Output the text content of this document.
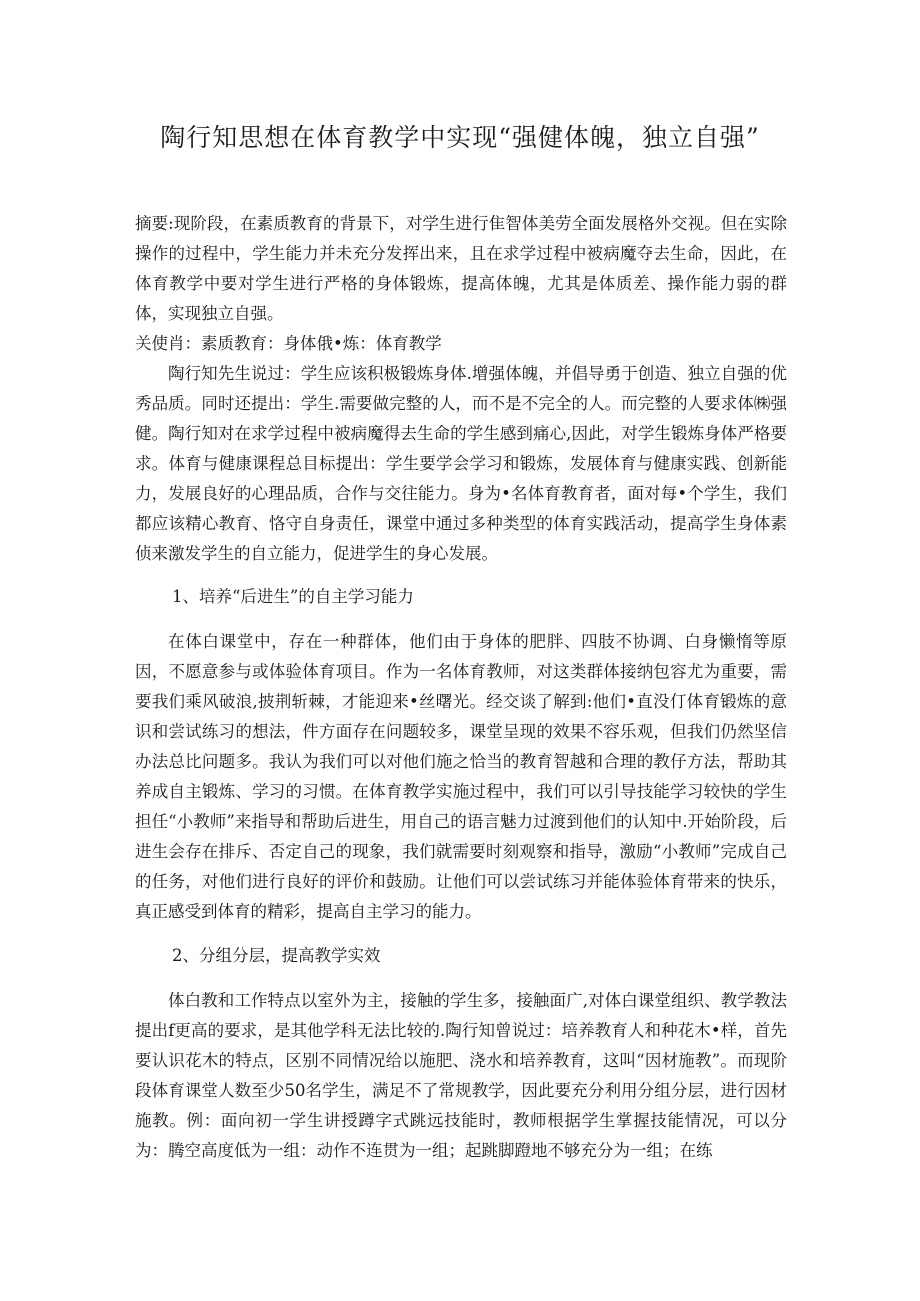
陶行知思想在体育教学中实现“强健体魄，独立自强”

摘要:现阶段，在素质教育的背景下，对学生进行隹智体美劳全面发展格外交视。但在实除操作的过程中，学生能力并未充分发挥出来，且在求学过程中被病魔夺去生命，因此，在体育教学中要对学生进行严格的身体锻炼，提高体魄，尤其是体质差、操作能力弱的群体，实现独立自强。

关使肖：素质教育：身体俄•炼：体育教学

陶行知先生说过：学生应该积极锻炼身体.增强体魄，并倡导勇于创造、独立自强的优秀品质。同时还提出：学生.需要做完整的人，而不是不完全的人。而完整的人要求体㈱强健。陶行知对在求学过程中被病魔得去生命的学生感到痛心,因此，对学生锻炼身体严格要求。体育与健康课程总目标提出：学生要学会学习和锻炼，发展体育与健康实践、创新能力，发展良好的心理品质，合作与交往能力。身为•名体育教育者，面对每•个学生，我们都应该精心教育、恪守自身责任，课堂中通过多种类型的体育实践活动，提高学生身体素侦来激发学生的自立能力，促进学生的身心发展。

1、培养“后进生”的自主学习能力

在体白课堂中，存在一种群体，他们由于身体的肥胖、四肢不协调、白身懒惰等原因，不愿意参与或体验体育项目。作为一名体育教师，对这类群体接纳包容尤为重要，需要我们乘风破浪,披荆斩棘，才能迎来•丝曙光。经交谈了解到:他们•直没仃体育锻炼的意识和尝试练习的想法，件方面存在问题较多，课堂呈现的效果不容乐观，但我们仍然坚信办法总比问题多。我认为我们可以对他们施之恰当的教育智越和合理的教仔方法，帮助其养成自主锻炼、学习的习惯。在体育教学实施过程中，我们可以引导技能学习较快的学生担任“小教师”来指导和帮助后进生，用自己的语言魅力过渡到他们的认知中.开始阶段，后进生会存在排斥、否定自己的现象，我们就需要时刻观察和指导，激励“小教师”完成自己的任务，对他们进行良好的评价和鼓励。让他们可以尝试练习并能体验体育带来的快乐，真正感受到体育的精彩，提高自主学习的能力。

2、分组分层，提高教学实效

体白教和工作特点以室外为主，接触的学生多，接触面广,对体白课堂组织、教学教法提出f更高的要求，是其他学科无法比较的.陶行知曾说过：培养教育人和种花木•样，首先要认识花木的特点，区别不同情况给以施肥、浇水和培养教育，这叫“因材施教”。而现阶段体育课堂人数至少50名学生，满足不了常规教学，因此要充分利用分组分层，进行因材施教。例：面向初一学生讲授蹲字式跳远技能时，教师根据学生掌握技能情况，可以分为：腾空高度低为一组：动作不连贯为一组；起跳脚蹬地不够充分为一组；在练
